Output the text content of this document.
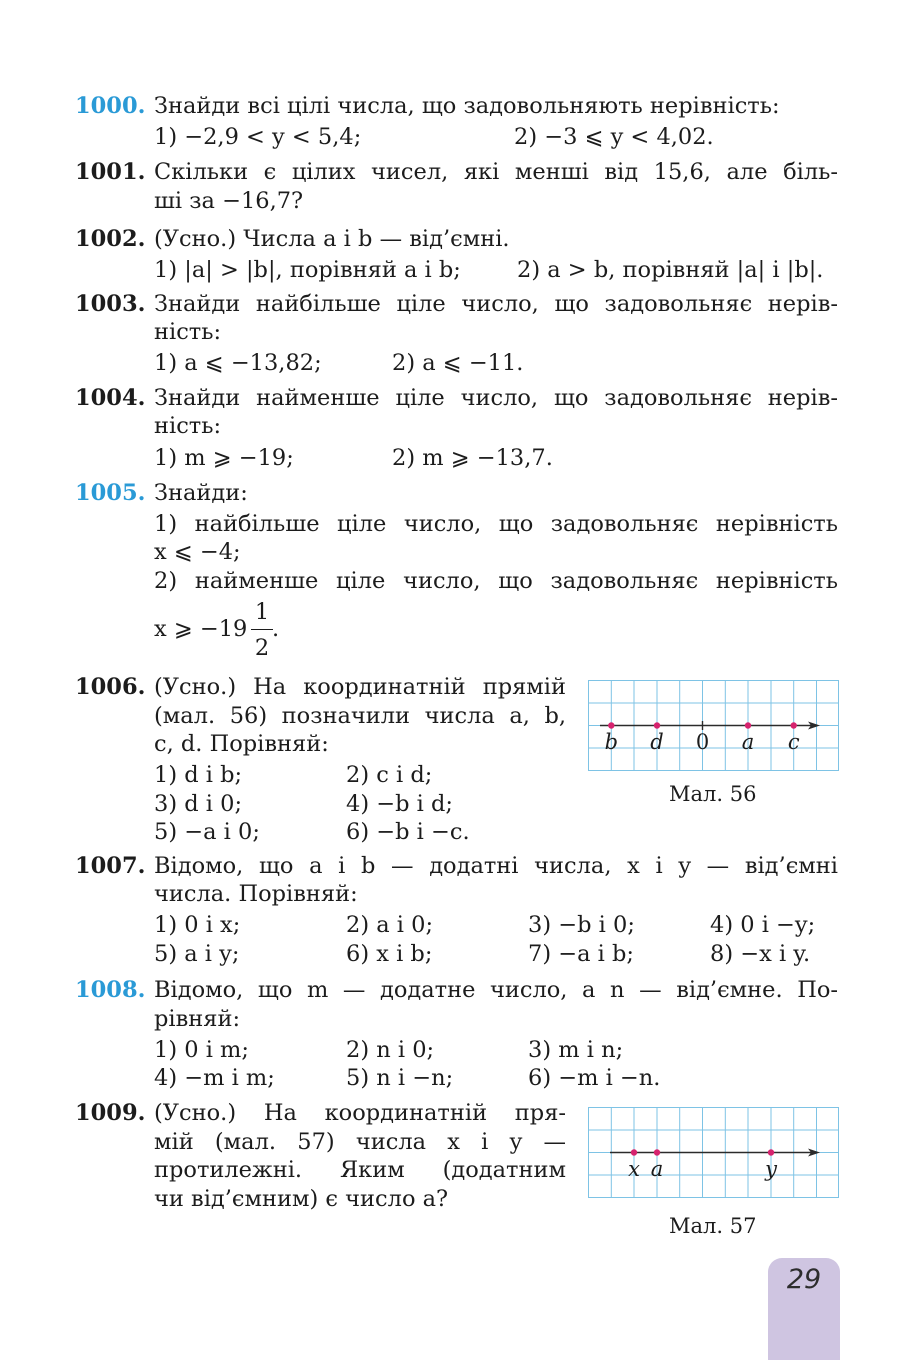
1000. Знайди всі цілі числа, що задовольняють нерівність:
1) −2,9 < y < 5,4;	2) −3 ⩽ y < 4,02.
1001. Скільки є цілих чисел, які менші від 15,6, але біль-
ші за −16,7?
1002. (Усно.) Числа a і b — від’ємні.
1) |a| > |b|, порівняй a і b; 2) a > b, порівняй |a| і |b|.
1003. Знайди найбільше ціле число, що задовольняє нерів-
ність:
1) a ⩽ −13,82;	2) a ⩽ −11.
1004. Знайди найменше ціле число, що задовольняє нерів-
ність:
1) m ⩾ −19;	2) m ⩾ −13,7.
1005. Знайди:
1) найбільше ціле число, що задовольняє нерівність
x ⩽ −4;
2) найменше ціле число, що задовольняє нерівність
x ⩾ −19
1
2
.
1006. (Усно.) На координатній прямій
(мал. 56) позначили числа a, b,
c, d. Порівняй:
1) d і b;	2) c і d;
3) d і 0;	4) −b і d;
5) −a і 0;	6) −b і −c.
b d 0 a c
Мал. 56
1007. Відомо, що a і b — додатні числа, x і y — від’ємні
числа. Порівняй:
1) 0 і x;	2) a і 0;	3) −b і 0;	4) 0 і −y;
5) a і y;	6) x і b;	7) −a і b;	8) −x і y.
1008. Відомо, що m — додатне число, а n — від’ємне. По-
рівняй:
1) 0 і m;	2) n і 0;	3) m і n;
4) −m і m;	5) n і −n;	6) −m і −n.
1009. (Усно.) На координатній пря-
мій (мал. 57) числа x і y —
протилежні. Яким (додатним
чи від’ємним) є число a?
x a	y
Мал. 57
29
